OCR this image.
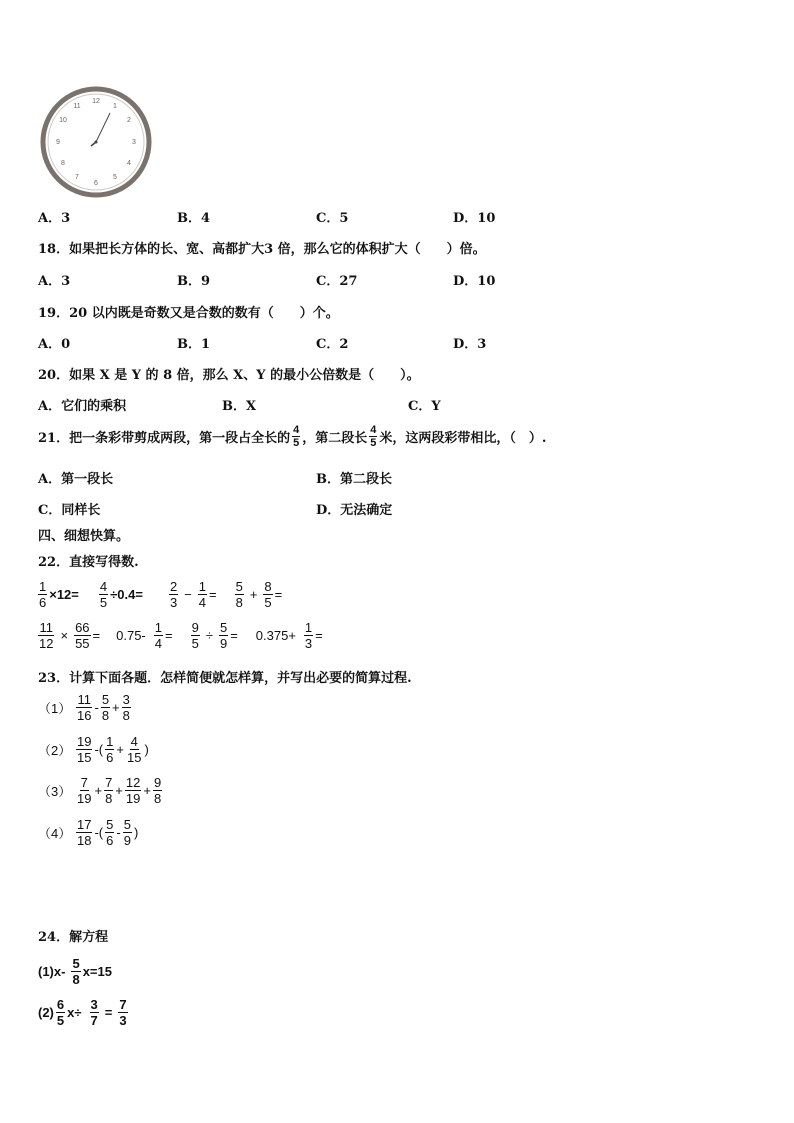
12
1
2
3
4
5
6
7
8
9
10
11
A．3	B．4	C．5	D．10
18．如果把长方体的长、宽、高都扩大3 倍，那么它的体积扩大（　　）倍。
A．3	B．9	C．27	D．10
19．20 以内既是奇数又是合数的数有（　　）个。
A．0	B．1	C．2	D．3
20．如果 X 是 Y 的 8 倍，那么 X、Y 的最小公倍数是（　　）。
A．它们的乘积	B．X	C．Y
21．把一条彩带剪成两段，第一段占全长的 $\frac{4}{5}$ ，第二段长 $\frac{4}{5}$ 米，这两段彩带相比，（　）.
A．第一段长	B．第二段长
C．同样长	D．无法确定
四、细想快算。
22．直接写得数.
$\frac{1}{6} \times 12= \frac{4}{5} \div 0.4= \frac{2}{3} - \frac{1}{4} = \frac{5}{8} + \frac{8}{5}$ =
$\frac{11}{12} \times \frac{66}{55} = 0.75- \frac{1}{4} = \frac{9}{5} \div \frac{5}{9} = 0.375+ \frac{1}{3}$ =
23．计算下面各题．怎样简便就怎样算，并写出必要的简算过程.
$(1) \frac{11}{16} - \frac{5}{8} + \frac{3}{8}$
$(2) \frac{19}{15}$ -( $\frac{1}{6} + \frac{4}{15}$ )
$(3) \frac{7}{19} + \frac{7}{8} + \frac{12}{19} + \frac{9}{8}$
$(4) \frac{17}{18}$ -( $\frac{5}{6} - \frac{5}{9}$ )
24．解方程
$(1)x- \frac{5}{8} x=15$
$(2) \frac{6}{5} x\div \frac{3}{7} = \frac{7}{3}$
